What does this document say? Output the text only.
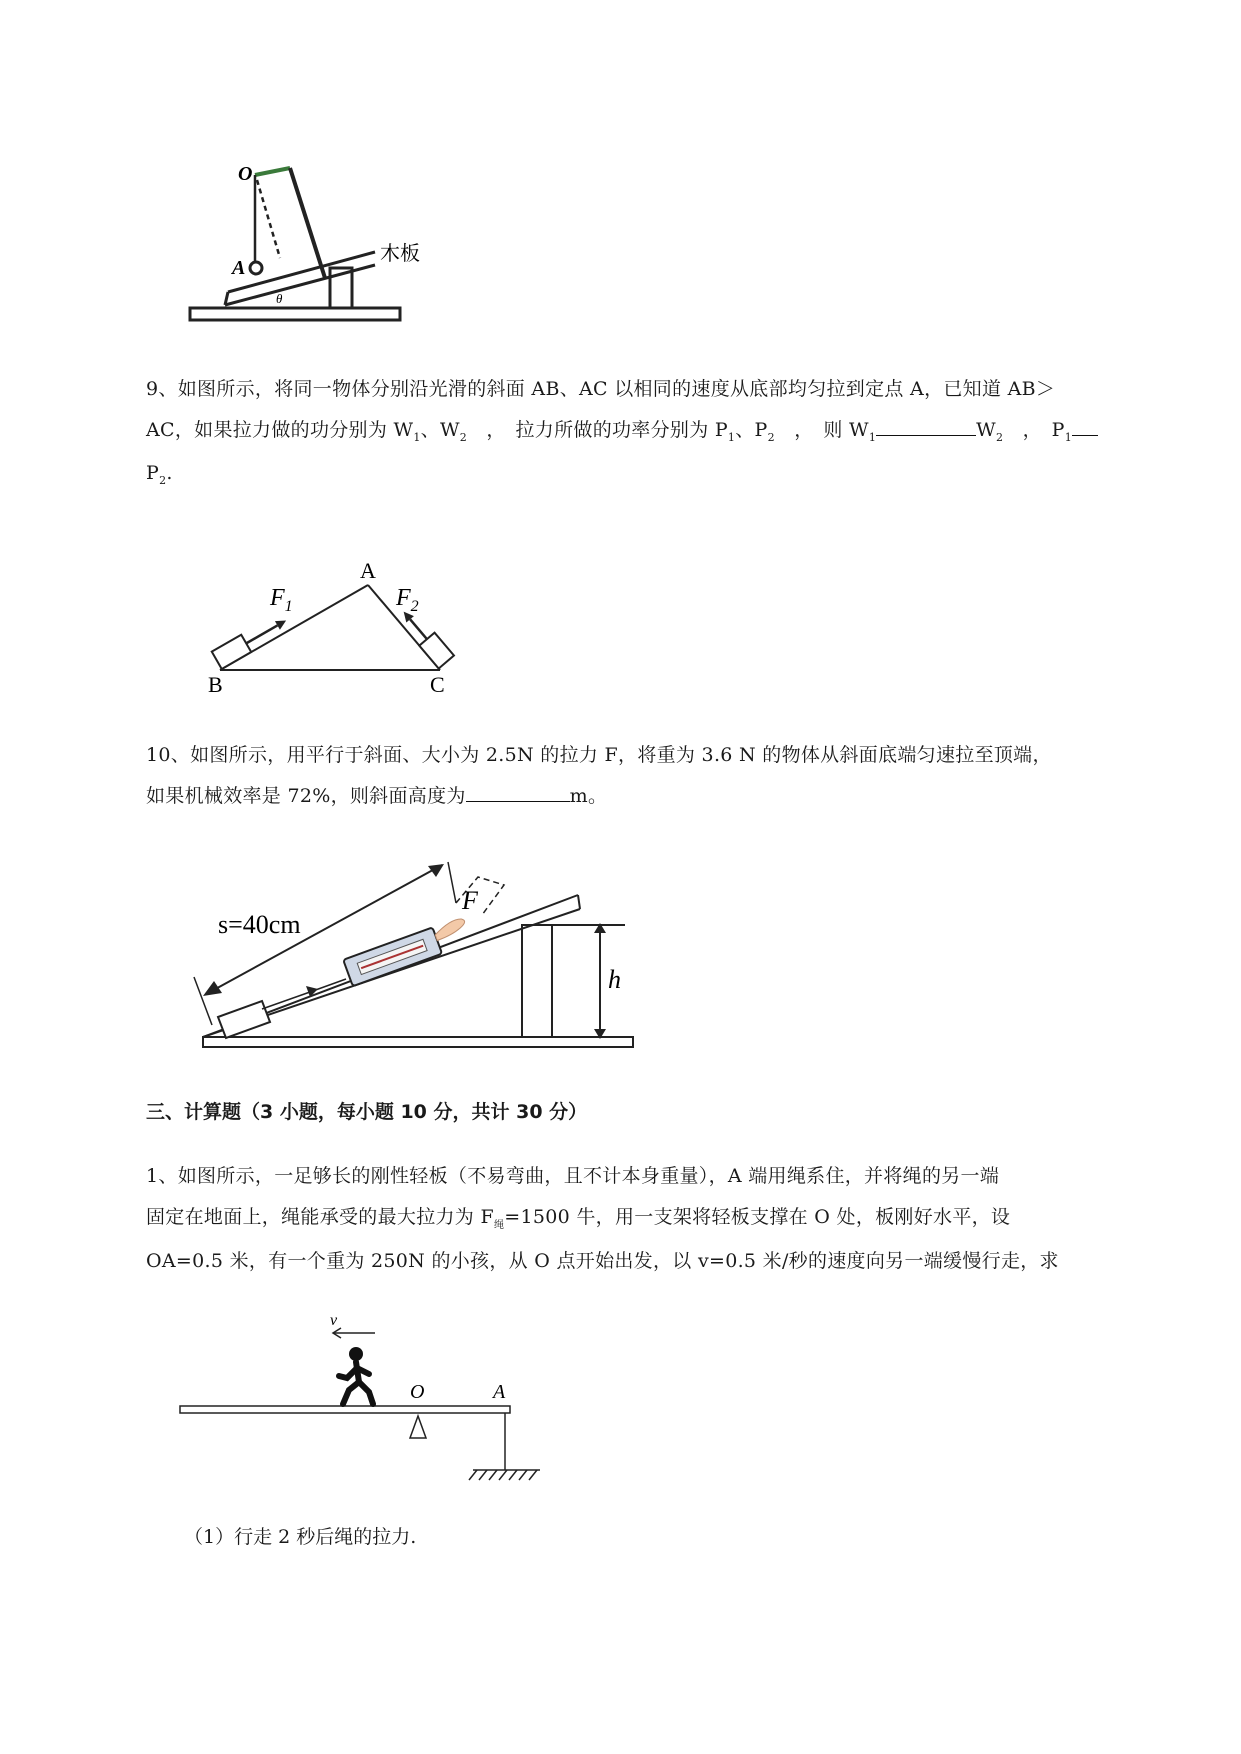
O
A
θ
木板
9、如图所示，将同一物体分别沿光滑的斜面 AB、AC 以相同的速度从底部均匀拉到定点 A，已知道 AB＞
AC，如果拉力做的功分别为 $W_1$、$W_2$　，　拉力所做的功率分别为 $P_1$、$P_2$　，　则 $W_1$	$W_2$　，　$P_1$
$P_2$.
A
B	C
$F_1$	$F_2$
10、如图所示，用平行于斜面、大小为 2.5N 的拉力 F，将重为 3.6 N 的物体从斜面底端匀速拉至顶端，
如果机械效率是 72%，则斜面高度为	m。
s=40cm
F
h
三、计算题（3 小题，每小题 10 分，共计 30 分）
1、如图所示，一足够长的刚性轻板（不易弯曲，且不计本身重量），A 端用绳系住，并将绳的另一端
固定在地面上，绳能承受的最大拉力为 $F_绳=1500$ 牛，用一支架将轻板支撑在 O 处，板刚好水平，设
OA=0.5 米，有一个重为 250N 的小孩，从 O 点开始出发，以 v=0.5 米/秒的速度向另一端缓慢行走，求
v
O	A
（1）行走 2 秒后绳的拉力.
